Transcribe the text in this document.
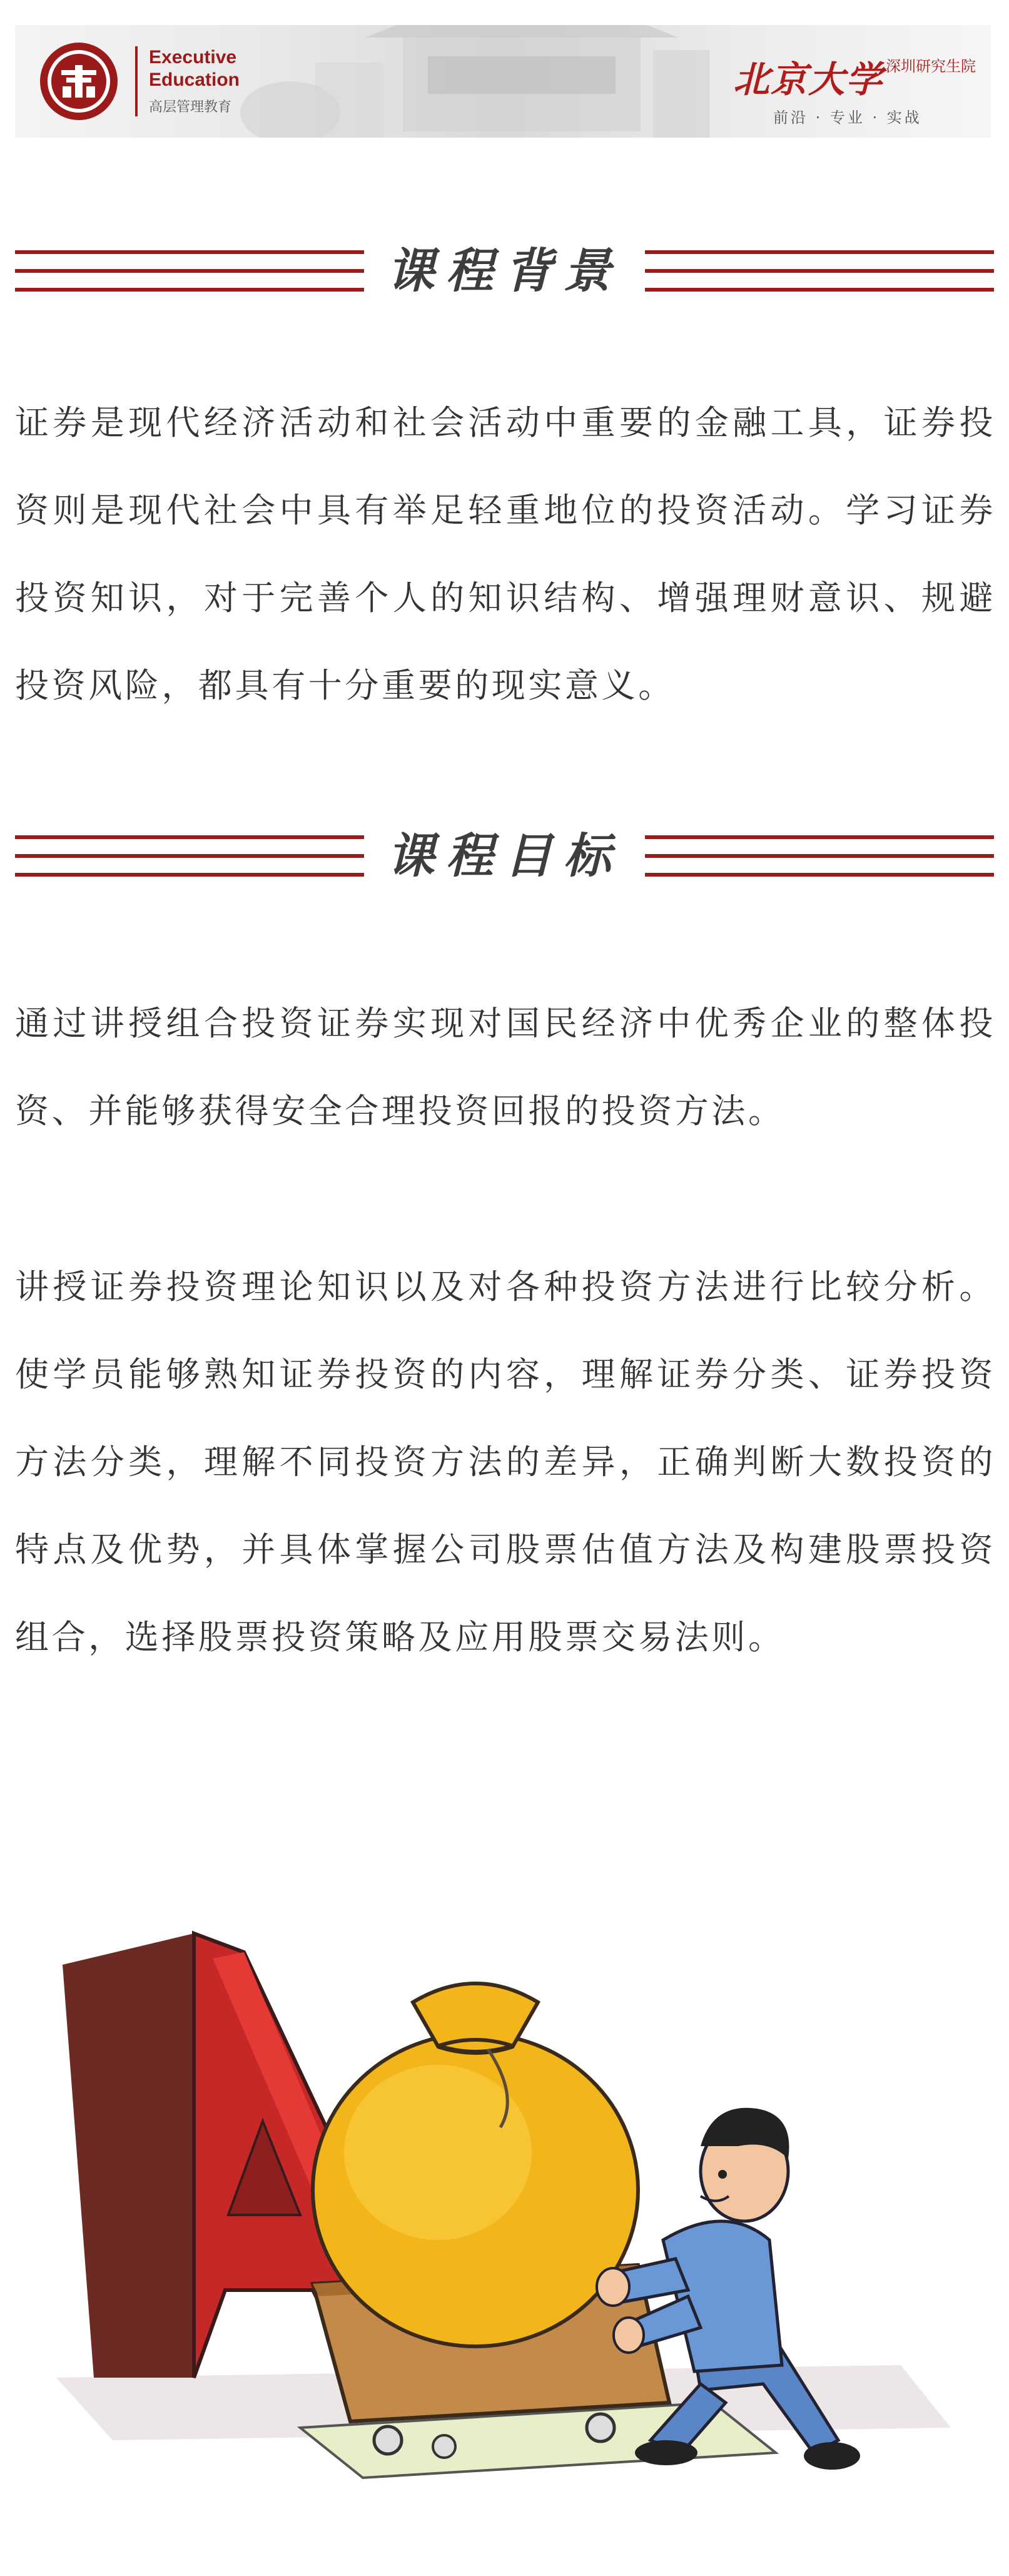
Executive
Education
高层管理教育
北京大学 深圳研究生院
前沿 · 专业 · 实战
课程背景

证券是现代经济活动和社会活动中重要的金融工具，证券投资则是现代社会中具有举足轻重地位的投资活动。学习证券投资知识，对于完善个人的知识结构、增强理财意识、规避投资风险，都具有十分重要的现实意义。

课程目标

通过讲授组合投资证券实现对国民经济中优秀企业的整体投资、并能够获得安全合理投资回报的投资方法。

讲授证券投资理论知识以及对各种投资方法进行比较分析。使学员能够熟知证券投资的内容，理解证券分类、证券投资方法分类，理解不同投资方法的差异，正确判断大数投资的特点及优势，并具体掌握公司股票估值方法及构建股票投资组合，选择股票投资策略及应用股票交易法则。
